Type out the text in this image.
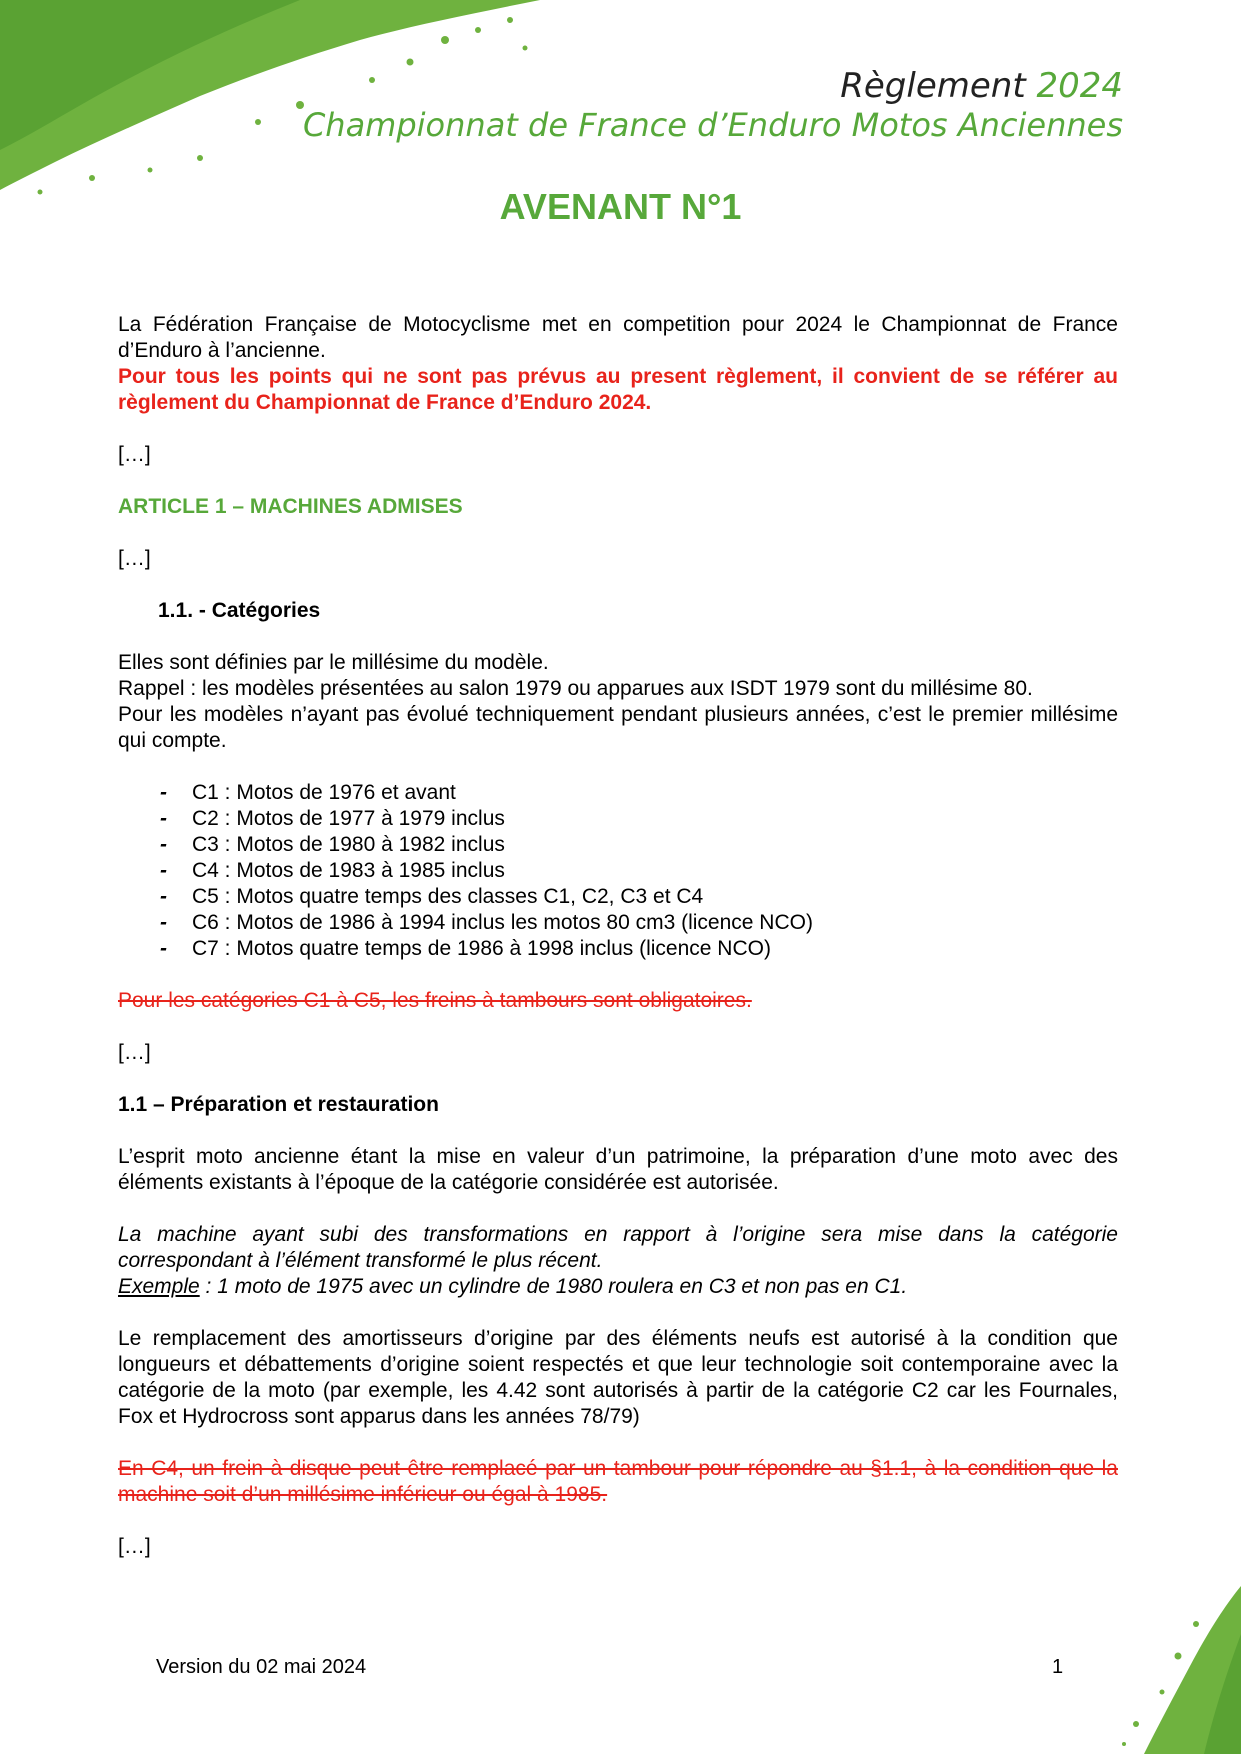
Règlement 2024
Championnat de France d’Enduro Motos Anciennes
AVENANT N°1

La Fédération Française de Motocyclisme met en competition pour 2024 le Championnat de France d’Enduro à l’ancienne.

Pour tous les points qui ne sont pas prévus au present règlement, il convient de se référer au règlement du Championnat de France d’Enduro 2024.

[…]

ARTICLE 1 – MACHINES ADMISES

[…]

1.1. - Catégories

Elles sont définies par le millésime du modèle.

Rappel : les modèles présentées au salon 1979 ou apparues aux ISDT 1979 sont du millésime 80.

Pour les modèles n’ayant pas évolué techniquement pendant plusieurs années, c’est le premier millésime qui compte.

-	C1 : Motos de 1976 et avant
-	C2 : Motos de 1977 à 1979 inclus
-	C3 : Motos de 1980 à 1982 inclus
-	C4 : Motos de 1983 à 1985 inclus
-	C5 : Motos quatre temps des classes C1, C2, C3 et C4
-	C6 : Motos de 1986 à 1994 inclus les motos 80 cm3 (licence NCO)
-	C7 : Motos quatre temps de 1986 à 1998 inclus (licence NCO)

Pour les catégories C1 à C5, les freins à tambours sont obligatoires.

[…]

1.1 – Préparation et restauration

L’esprit moto ancienne étant la mise en valeur d’un patrimoine, la préparation d’une moto avec des éléments existants à l’époque de la catégorie considérée est autorisée.

La machine ayant subi des transformations en rapport à l’origine sera mise dans la catégorie correspondant à l’élément transformé le plus récent.

Exemple : 1 moto de 1975 avec un cylindre de 1980 roulera en C3 et non pas en C1.

Le remplacement des amortisseurs d’origine par des éléments neufs est autorisé à la condition que longueurs et débattements d’origine soient respectés et que leur technologie soit contemporaine avec la catégorie de la moto (par exemple, les 4.42 sont autorisés à partir de la catégorie C2 car les Fournales, Fox et Hydrocross sont apparus dans les années 78/79)

En C4, un frein à disque peut être remplacé par un tambour pour répondre au §1.1, à la condition que la machine soit d’un millésime inférieur ou égal à 1985.

[…]

Version du 02 mai 2024	1
